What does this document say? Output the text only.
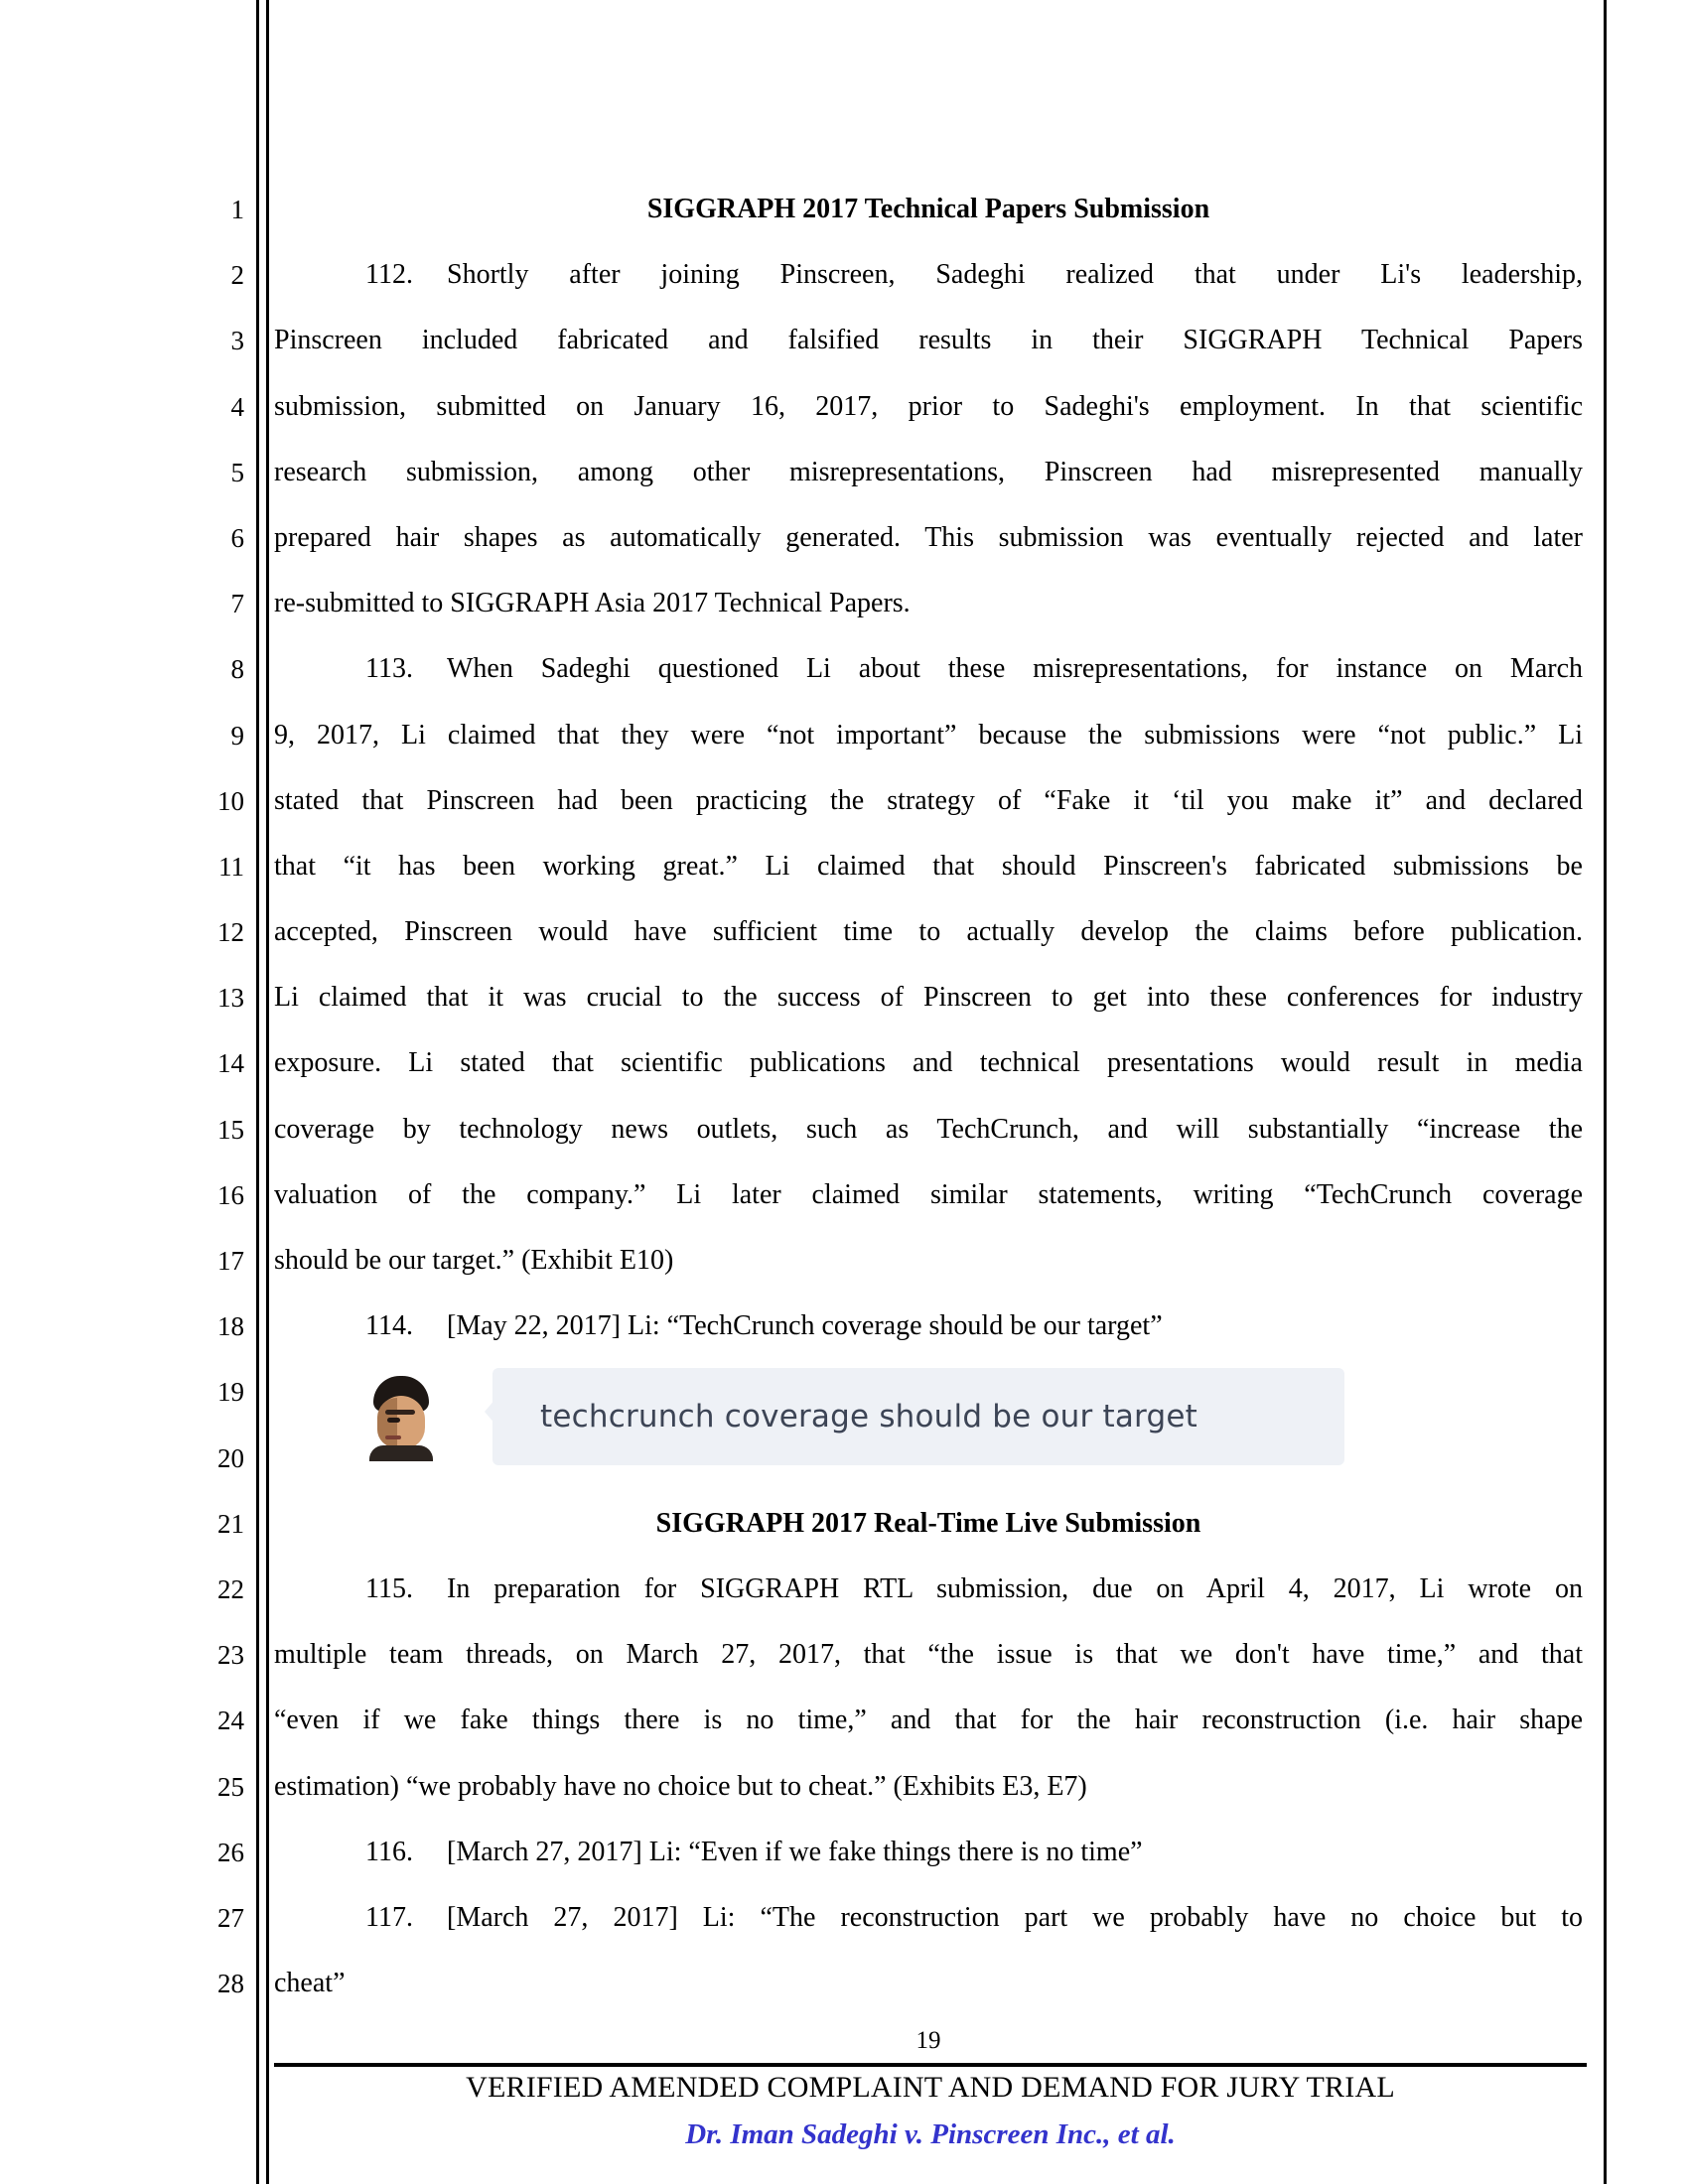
1
2
3
4
5
6
7
8
9
10
11
12
13
14
15
16
17
18
19
20
21
22
23
24
25
26
27
28
SIGGRAPH 2017 Technical Papers Submission
112. Shortly after joining Pinscreen, Sadeghi realized that under Li's leadership,
Pinscreen included fabricated and falsified results in their SIGGRAPH Technical Papers
submission, submitted on January 16, 2017, prior to Sadeghi's employment. In that scientific
research submission, among other misrepresentations, Pinscreen had misrepresented manually
prepared hair shapes as automatically generated. This submission was eventually rejected and later
re-submitted to SIGGRAPH Asia 2017 Technical Papers.
113. When Sadeghi questioned Li about these misrepresentations, for instance on March
9, 2017, Li claimed that they were “not important” because the submissions were “not public.” Li
stated that Pinscreen had been practicing the strategy of “Fake it ‘til you make it” and declared
that “it has been working great.” Li claimed that should Pinscreen's fabricated submissions be
accepted, Pinscreen would have sufficient time to actually develop the claims before publication.
Li claimed that it was crucial to the success of Pinscreen to get into these conferences for industry
exposure. Li stated that scientific publications and technical presentations would result in media
coverage by technology news outlets, such as TechCrunch, and will substantially “increase the
valuation of the company.” Li later claimed similar statements, writing “TechCrunch coverage
should be our target.” (Exhibit E10)
114. [May 22, 2017] Li: “TechCrunch coverage should be our target”
SIGGRAPH 2017 Real-Time Live Submission
115. In preparation for SIGGRAPH RTL submission, due on April 4, 2017, Li wrote on
multiple team threads, on March 27, 2017, that “the issue is that we don't have time,” and that
“even if we fake things there is no time,” and that for the hair reconstruction (i.e. hair shape
estimation) “we probably have no choice but to cheat.” (Exhibits E3, E7)
116. [March 27, 2017] Li: “Even if we fake things there is no time”
117. [March 27, 2017] Li: “The reconstruction part we probably have no choice but to
cheat”
techcrunch coverage should be our target
19
VERIFIED AMENDED COMPLAINT AND DEMAND FOR JURY TRIAL
Dr. Iman Sadeghi v. Pinscreen Inc., et al.
